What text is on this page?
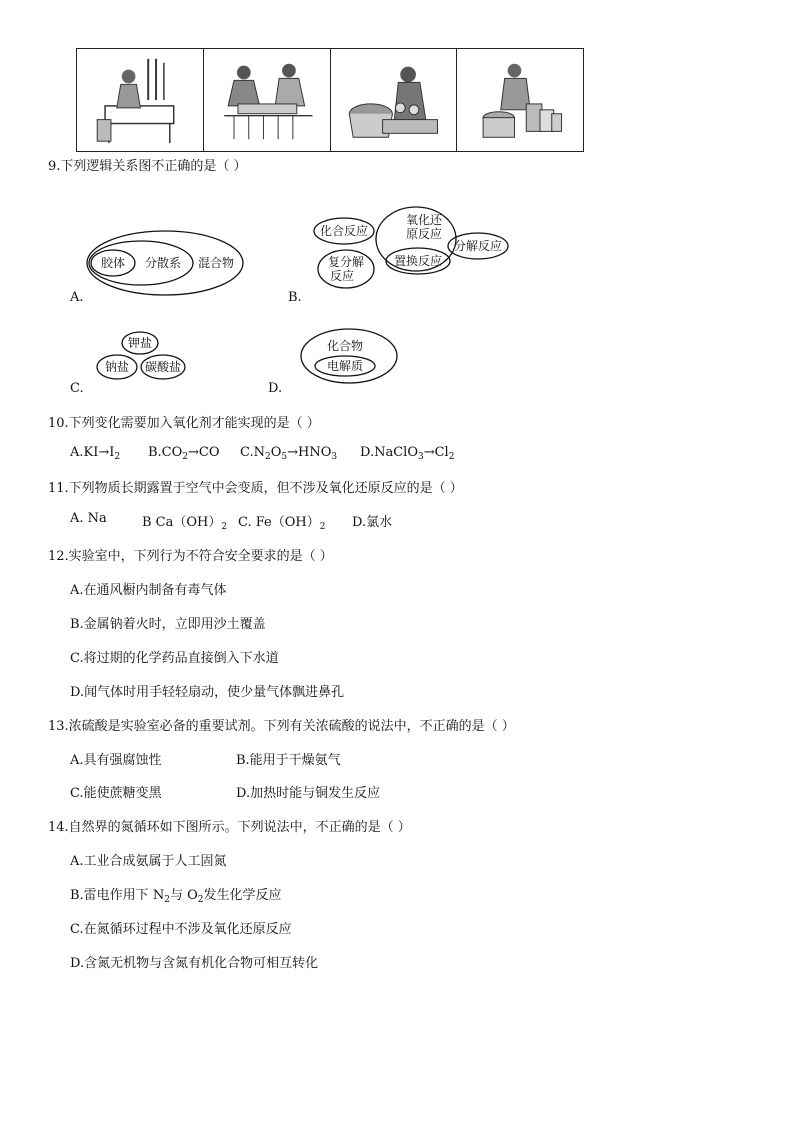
9.下列逻辑关系图不正确的是（ ）
胶体 分散系 混合物
A.
化合反应
氧化还
原反应
分解反应
复分解
反应
置换反应
B.
钾盐
钠盐 碳酸盐
C.
化合物
电解质
D.
10.下列变化需要加入氧化剂才能实现的是（ ）
$A.KI\to I_2$ $B.CO_2\to CO$ $C.N_2O_5\to HNO_3$ $D.NaClO_3\to Cl_2$
11.下列物质长期露置于空气中会变质，但不涉及氧化还原反应的是（ ）
A. Na	B $Ca(OH)_2$ C. $Fe(OH)_2$ D.氯水
12.实验室中，下列行为不符合安全要求的是（ ）
A.在通风橱内制备有毒气体
B.金属钠着火时，立即用沙土覆盖
C.将过期的化学药品直接倒入下水道
D.闻气体时用手轻轻扇动，使少量气体飘进鼻孔
13.浓硫酸是实验室必备的重要试剂。下列有关浓硫酸的说法中，不正确的是（ ）
A.具有强腐蚀性	B.能用于干燥氨气
C.能使蔗糖变黑	D.加热时能与铜发生反应
14.自然界的氮循环如下图所示。下列说法中，不正确的是（ ）
A.工业合成氨属于人工固氮
B.雷电作用下 $N_2$与 $O_2$发生化学反应
C.在氮循环过程中不涉及氧化还原反应
D.含氮无机物与含氮有机化合物可相互转化
